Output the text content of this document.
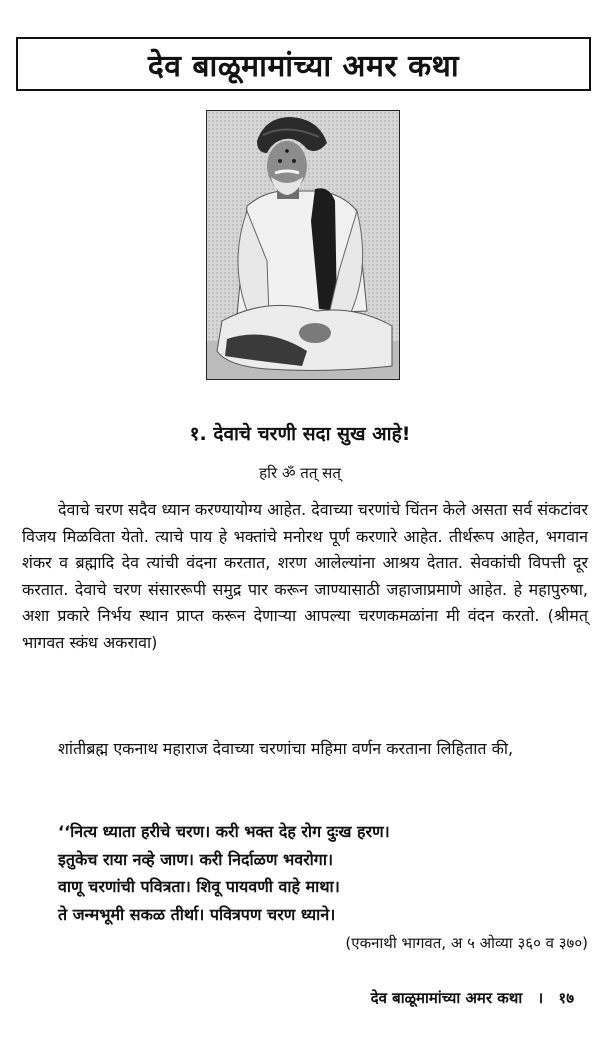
देव बाळूमामांच्या अमर कथा
१. देवाचे चरणी सदा सुख आहे!
हरि ॐ तत् सत्

देवाचे चरण सदैव ध्यान करण्यायोग्य आहेत. देवाच्या चरणांचे चिंतन केले असता सर्व संकटांवर विजय मिळविता येतो. त्याचे पाय हे भक्तांचे मनोरथ पूर्ण करणारे आहेत. तीर्थरूप आहेत, भगवान शंकर व ब्रह्मादि देव त्यांची वंदना करतात, शरण आलेल्यांना आश्रय देतात. सेवकांची विपत्ती दूर करतात. देवाचे चरण संसाररूपी समुद्र पार करून जाण्यासाठी जहाजाप्रमाणे आहेत. हे महापुरुषा, अशा प्रकारे निर्भय स्थान प्राप्त करून देणाऱ्या आपल्या चरणकमळांना मी वंदन करतो. (श्रीमत् भागवत स्कंध अकरावा)

शांतीब्रह्म एकनाथ महाराज देवाच्या चरणांचा महिमा वर्णन करताना लिहितात की,

‘‘नित्य ध्याता हरीचे चरण। करी भक्त देह रोग दुःख हरण।
इतुकेच राया नव्हे जाण। करी निर्दाळण भवरोगा।
वाणू चरणांची पवित्रता। शिवू पायवणी वाहे माथा।
ते जन्मभूमी सकळ तीर्था। पवित्रपण चरण ध्याने।
(एकनाथी भागवत, अ ५ ओव्या ३६० व ३७०)
देव बाळूमामांच्या अमर कथा । १७
